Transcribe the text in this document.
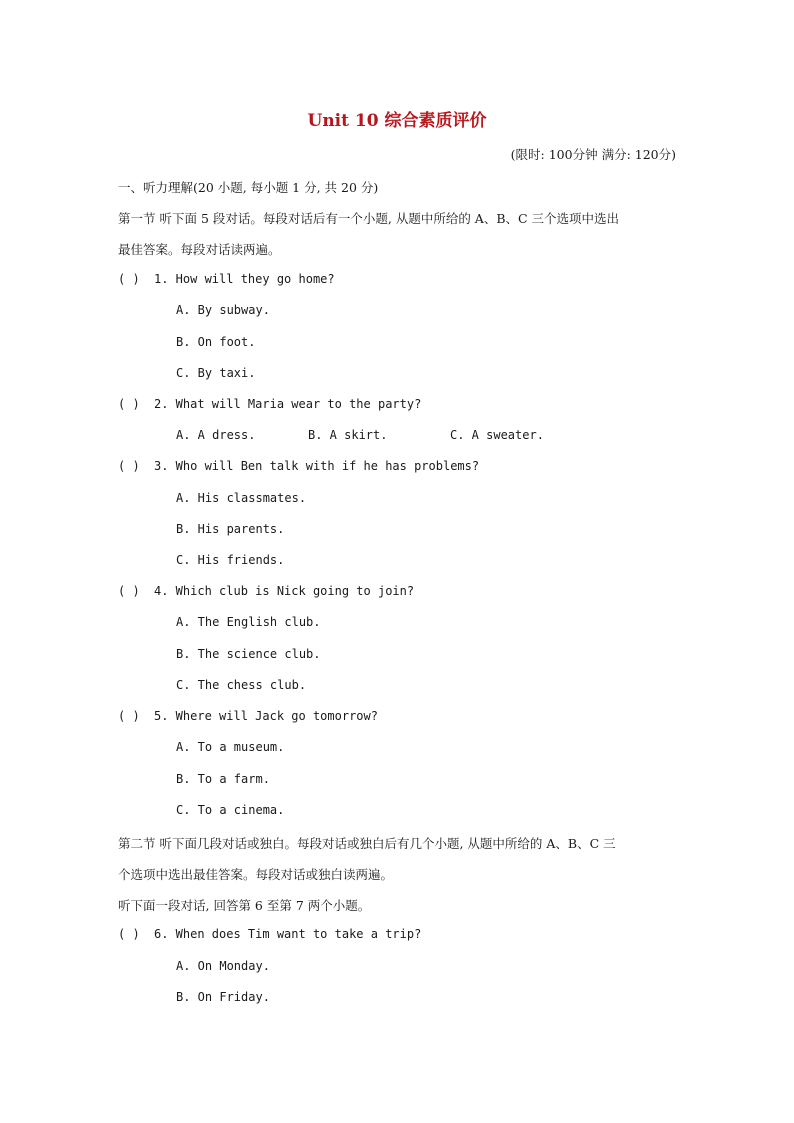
Unit 10 综合素质评价
(限时: 100分钟 满分: 120分)
一、听力理解(20 小题, 每小题 1 分, 共 20 分)
第一节 听下面 5 段对话。每段对话后有一个小题, 从题中所给的 A、B、C 三个选项中选出
最佳答案。每段对话读两遍。
( ) 1. How will they go home?
A. By subway.
B. On foot.
C. By taxi.
( ) 2. What will Maria wear to the party?
A. A dress.	B. A skirt.	C. A sweater.
( ) 3. Who will Ben talk with if he has problems?
A. His classmates.
B. His parents.
C. His friends.
( ) 4. Which club is Nick going to join?
A. The English club.
B. The science club.
C. The chess club.
( ) 5. Where will Jack go tomorrow?
A. To a museum.
B. To a farm.
C. To a cinema.
第二节 听下面几段对话或独白。每段对话或独白后有几个小题, 从题中所给的 A、B、C 三
个选项中选出最佳答案。每段对话或独白读两遍。
听下面一段对话, 回答第 6 至第 7 两个小题。
( ) 6. When does Tim want to take a trip?
A. On Monday.
B. On Friday.
